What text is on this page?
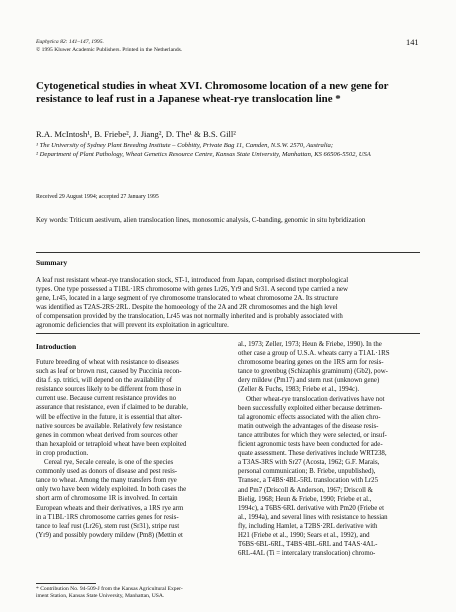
Euphytica 82: 141–147, 1995.
© 1995 Kluwer Academic Publishers. Printed in the Netherlands.
141
Cytogenetical studies in wheat XVI. Chromosome location of a new gene for resistance to leaf rust in a Japanese wheat-rye translocation line *
R.A. McIntosh¹, B. Friebe², J. Jiang², D. The¹ & B.S. Gill²
¹ The University of Sydney Plant Breeding Institute – Cobbitty, Private Bag 11, Camden, N.S.W. 2570, Australia;
² Department of Plant Pathology, Wheat Genetics Resource Centre, Kansas State University, Manhattan, KS 66506-5502, USA
Received 29 August 1994; accepted 27 January 1995
Key words: Triticum aestivum, alien translocation lines, monosomic analysis, C-banding, genomic in situ hybridization
Summary
A leaf rust resistant wheat-rye translocation stock, ST-1, introduced from Japan, comprised distinct morphological
types. One type possessed a T1BL·1RS chromosome with genes Lr26, Yr9 and Sr31. A second type carried a new
gene, Lr45, located in a large segment of rye chromosome translocated to wheat chromosome 2A. Its structure
was identified as T2AS-2RS·2RL. Despite the homoeology of the 2A and 2R chromosomes and the high level
of compensation provided by the translocation, Lr45 was not normally inherited and is probably associated with
agronomic deficiencies that will prevent its exploitation in agriculture.
Introduction
Future breeding of wheat with resistance to diseases
such as leaf or brown rust, caused by Puccinia recon-
dita f. sp. tritici, will depend on the availability of
resistance sources likely to be different from those in
current use. Because current resistance provides no
assurance that resistance, even if claimed to be durable,
will be effective in the future, it is essential that alter-
native sources be available. Relatively few resistance
genes in common wheat derived from sources other
than hexaploid or tetraploid wheat have been exploited
in crop production.
Cereal rye, Secale cereale, is one of the species
commonly used as donors of disease and pest resis-
tance to wheat. Among the many transfers from rye
only two have been widely exploited. In both cases the
short arm of chromosome 1R is involved. In certain
European wheats and their derivatives, a 1RS rye arm
in a T1BL·1RS chromosome carries genes for resis-
tance to leaf rust (Lr26), stem rust (Sr31), stripe rust
(Yr9) and possibly powdery mildew (Pm8) (Mettin et
al., 1973; Zeller, 1973; Heun & Friebe, 1990). In the
other case a group of U.S.A. wheats carry a T1AL·1RS
chromosome bearing genes on the 1RS arm for resis-
tance to greenbug (Schizaphis graminum) (Gb2), pow-
dery mildew (Pm17) and stem rust (unknown gene)
(Zeller & Fuchs, 1983; Friebe et al., 1994c).
Other wheat-rye translocation derivatives have not
been successfully exploited either because detrimen-
tal agronomic effects associated with the alien chro-
matin outweigh the advantages of the disease resis-
tance attributes for which they were selected, or insuf-
ficient agronomic tests have been conducted for ade-
quate assessment. These derivatives include WRT238,
a T3AS-3RS with Sr27 (Acosta, 1962; G.F. Marais,
personal communication; B. Friebe, unpublished),
Transec, a T4BS·4BL-5RL translocation with Lr25
and Pm7 (Driscoll & Anderson, 1967; Driscoll &
Bielig, 1968; Heun & Friebe, 1990; Friebe et al.,
1994c), a T6BS·6RL derivative with Pm20 (Friebe et
al., 1994a), and several lines with resistance to hessian
fly, including Hamlet, a T2BS·2RL derivative with
H21 (Friebe et al., 1990; Sears et al., 1992), and
T6BS·6BL-6RL, T4BS·4BL-6RL and T4AS·4AL-
6RL-4AL (Ti = intercalary translocation) chromo-
* Contribution No. 94-509-J from the Kansas Agricultural Exper-
iment Station, Kansas State University, Manhattan, USA.
